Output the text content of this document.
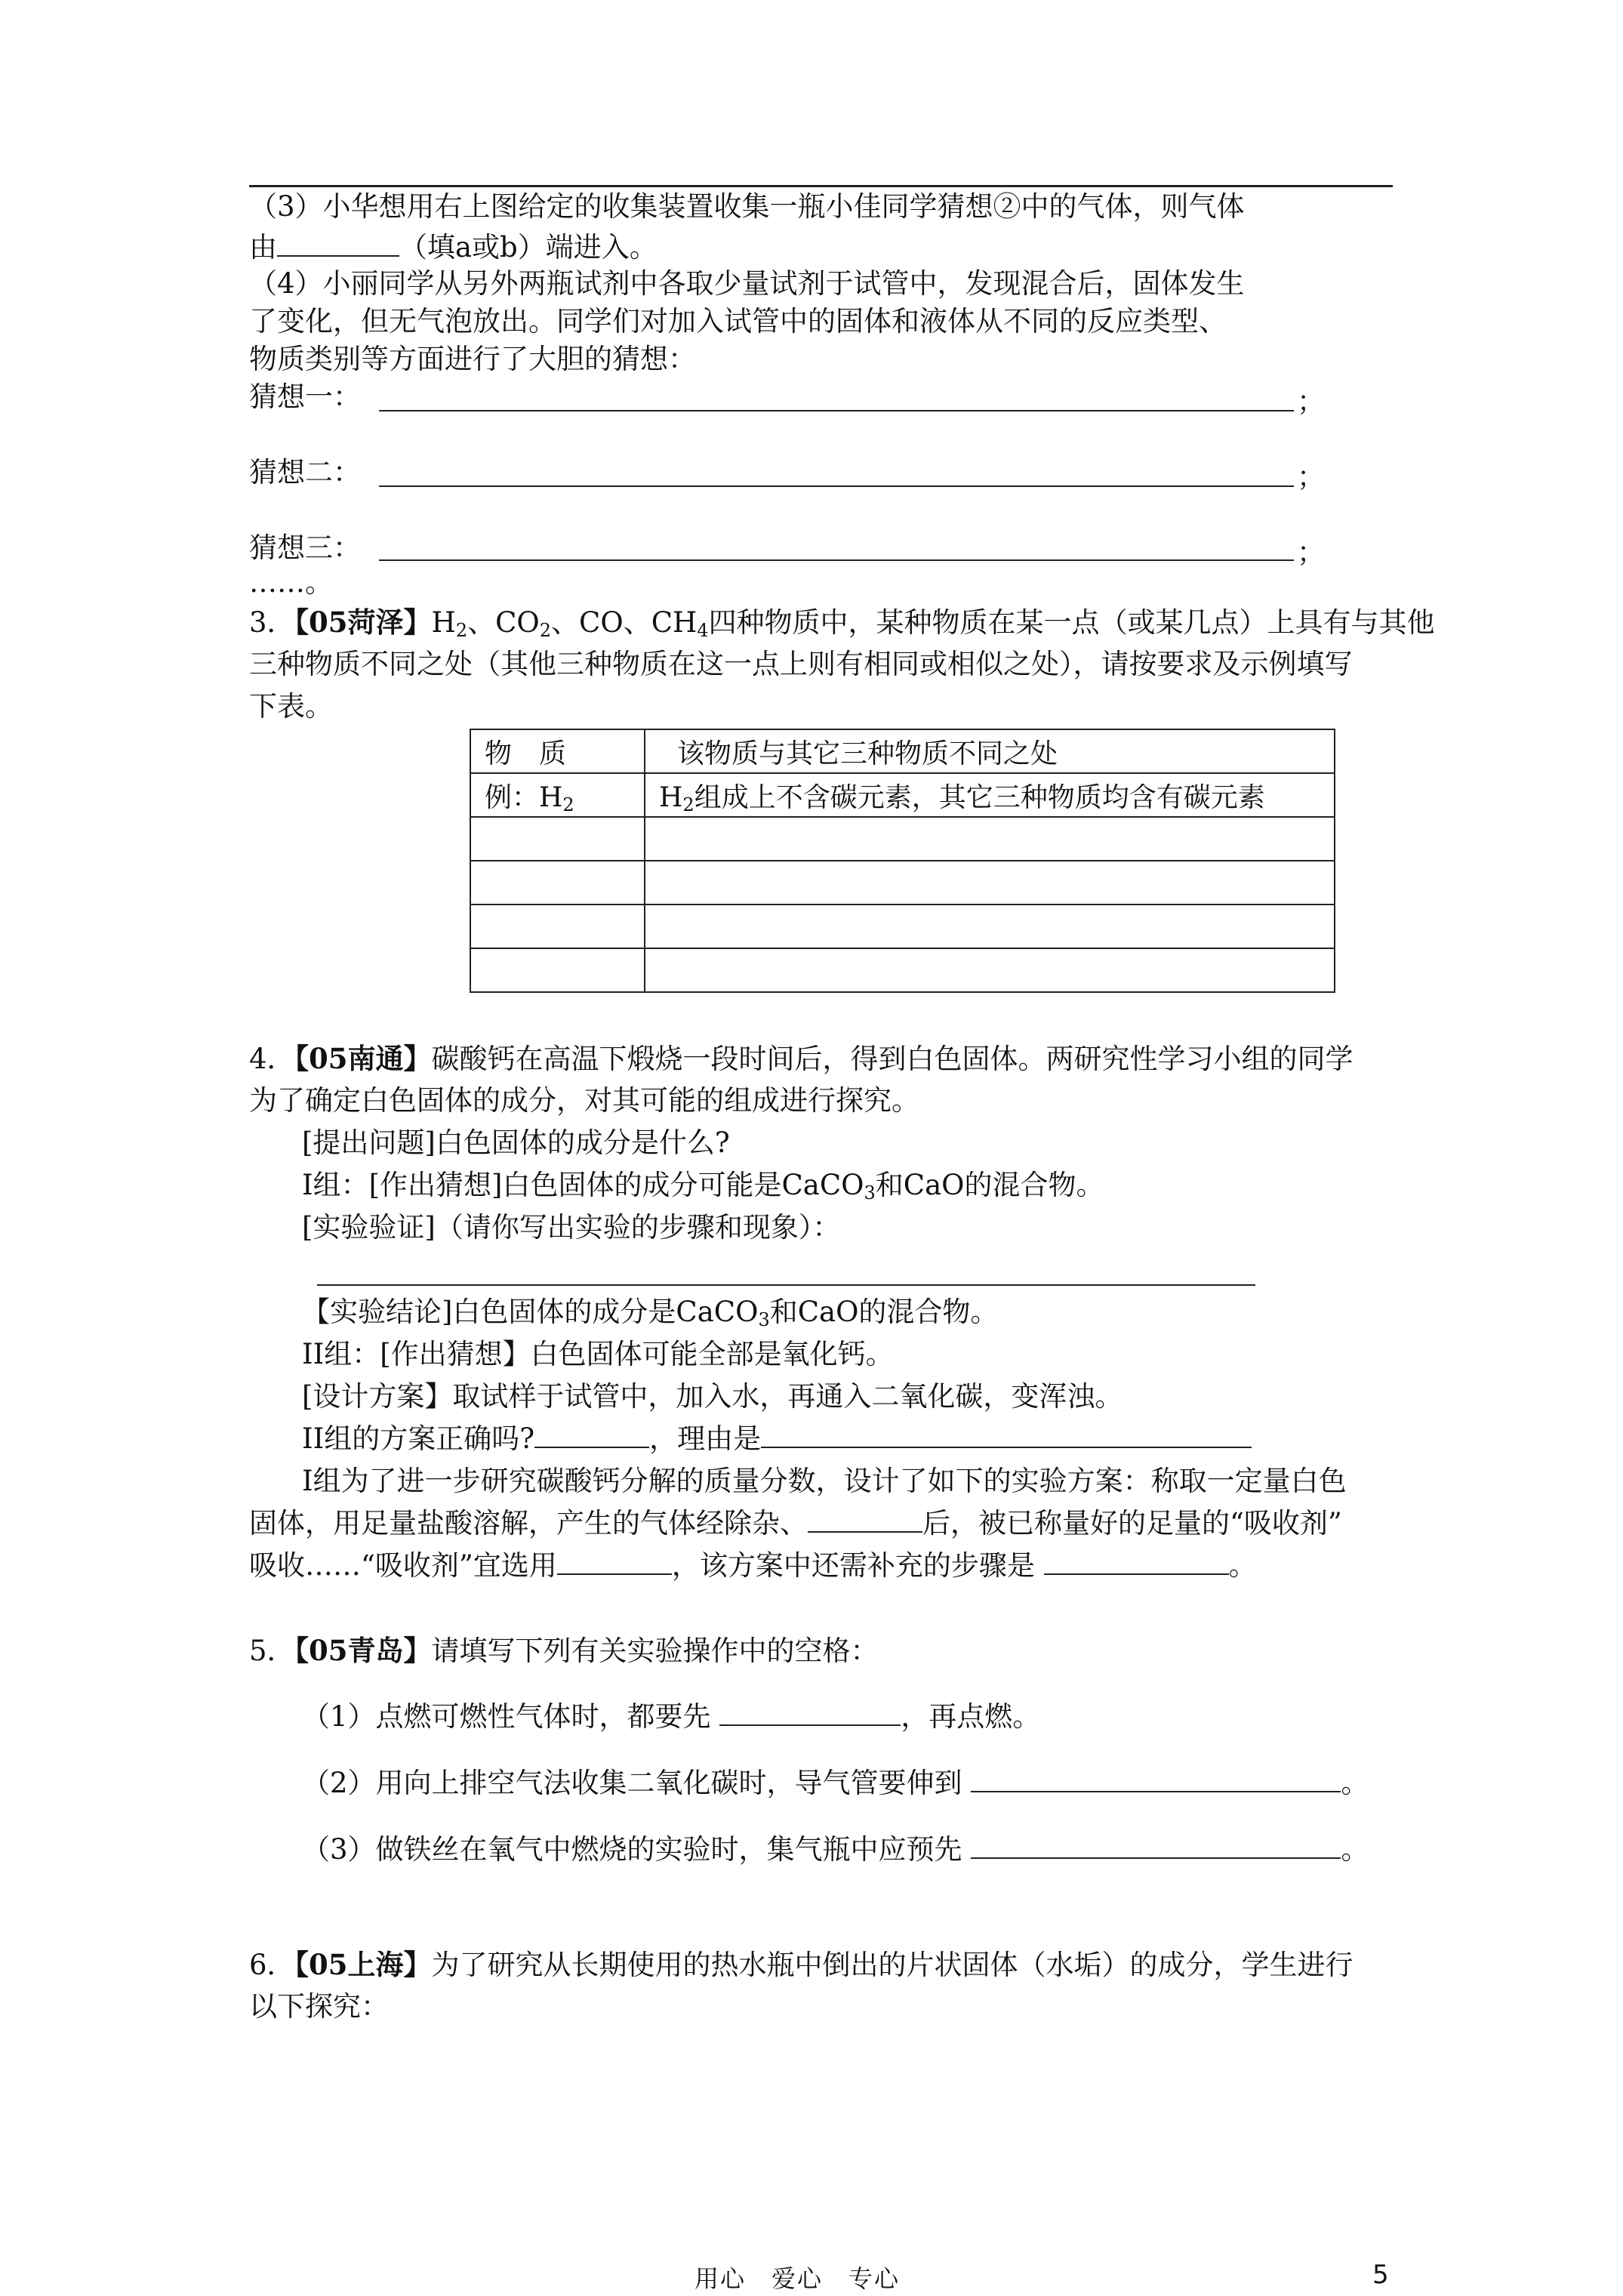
（3）小华想用右上图给定的收集装置收集一瓶小佳同学猜想②中的气体，则气体
由	（填a或b）端进入。
（4）小丽同学从另外两瓶试剂中各取少量试剂于试管中，发现混合后，固体发生
了变化，但无气泡放出。同学们对加入试管中的固体和液体从不同的反应类型、
物质类别等方面进行了大胆的猜想：
猜想一：	；
猜想二：	；
猜想三：	；
……。
3．【05菏泽】$H_2$、$CO_2$、CO、$CH_4$四种物质中，某种物质在某一点（或某几点）上具有与其他
三种物质不同之处（其他三种物质在这一点上则有相同或相似之处），请按要求及示例填写
下表。
物　质	该物质与其它三种物质不同之处
例：$H_2$	$H_2$组成上不含碳元素，其它三种物质均含有碳元素

4．【05南通】碳酸钙在高温下煅烧一段时间后，得到白色固体。两研究性学习小组的同学
为了确定白色固体的成分，对其可能的组成进行探究。
[提出问题]白色固体的成分是什么?
I组：[作出猜想]白色固体的成分可能是CaCO$_3$和CaO的混合物。
[实验验证]（请你写出实验的步骤和现象）：
【实验结论]白色固体的成分是CaCO$_3$和CaO的混合物。
II组：[作出猜想】白色固体可能全部是氧化钙。
[设计方案】取试样于试管中，加入水，再通入二氧化碳，变浑浊。
II组的方案正确吗?	，理由是
I组为了进一步研究碳酸钙分解的质量分数，设计了如下的实验方案：称取一定量白色
固体，用足量盐酸溶解，产生的气体经除杂、	后，被已称量好的足量的“吸收剂”
吸收……“吸收剂”宜选用	，该方案中还需补充的步骤是	。
5．【05青岛】请填写下列有关实验操作中的空格：
（1）点燃可燃性气体时，都要先	，再点燃。
（2）用向上排空气法收集二氧化碳时，导气管要伸到	。
（3）做铁丝在氧气中燃烧的实验时，集气瓶中应预先	。
6．【05上海】为了研究从长期使用的热水瓶中倒出的片状固体（水垢）的成分，学生进行
以下探究：
用心　爱心　专心	5
